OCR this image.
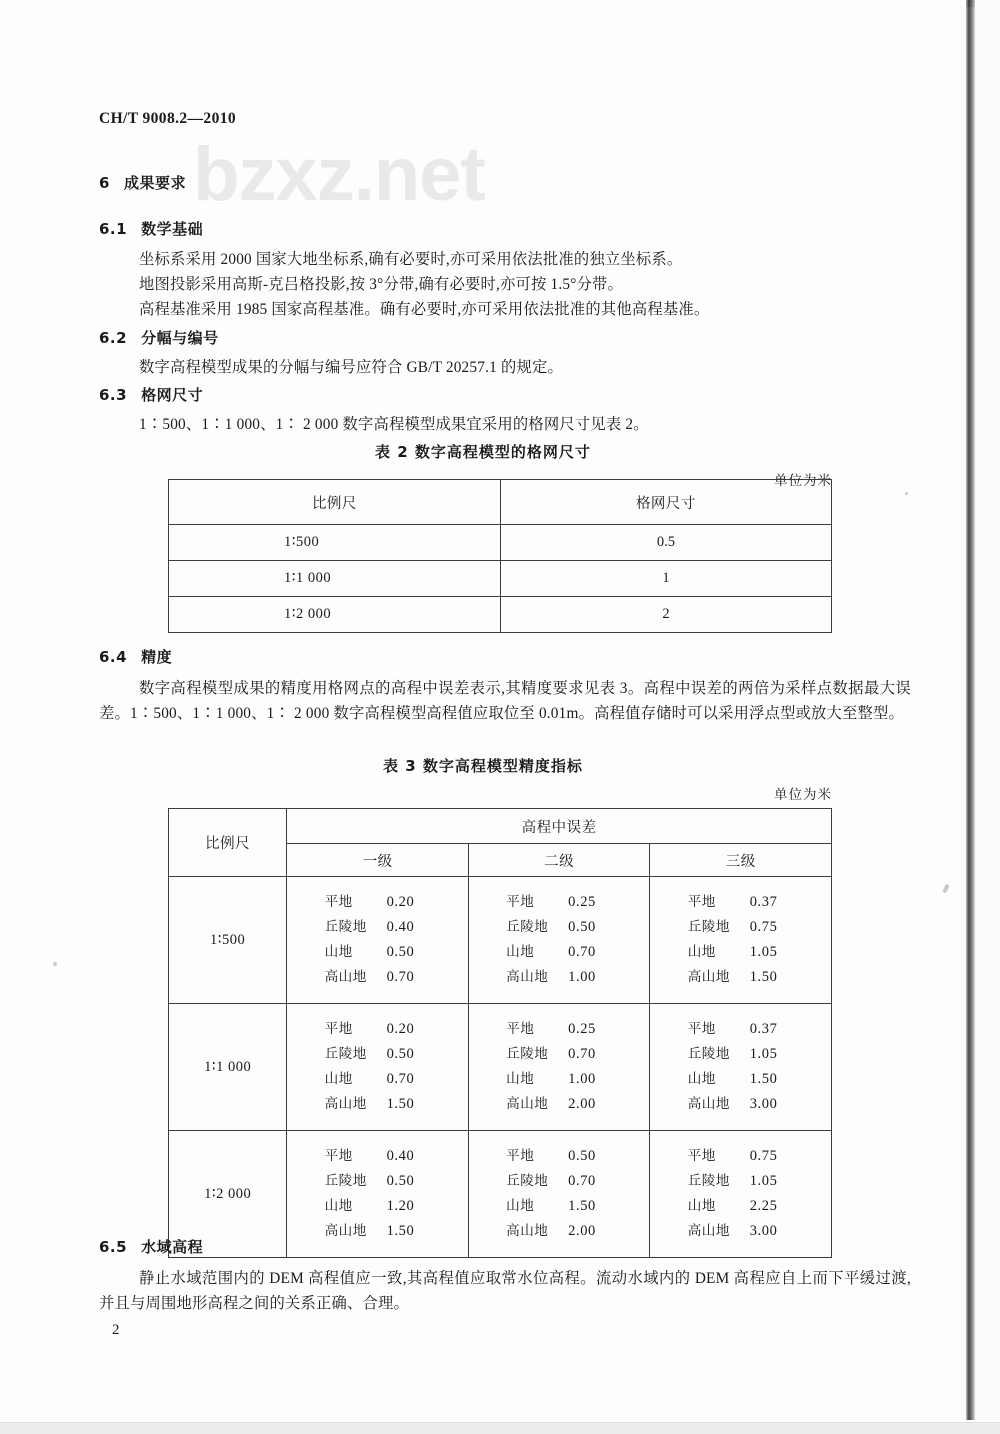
bzxz.net
CH/T 9008.2—2010
6 成果要求
6.1 数学基础
坐标系采用 2000 国家大地坐标系,确有必要时,亦可采用依法批准的独立坐标系。
地图投影采用高斯-克吕格投影,按 3°分带,确有必要时,亦可按 1.5°分带。
高程基准采用 1985 国家高程基准。确有必要时,亦可采用依法批准的其他高程基准。
6.2 分幅与编号
数字高程模型成果的分幅与编号应符合 GB/T 20257.1 的规定。
6.3 格网尺寸
1∶500、1∶1 000、1∶ 2 000 数字高程模型成果宜采用的格网尺寸见表 2。
表 2 数字高程模型的格网尺寸
单位为米
比例尺	格网尺寸
1∶500	0.5
1∶1 000	1
1∶2 000	2
6.4 精度
数字高程模型成果的精度用格网点的高程中误差表示,其精度要求见表 3。高程中误差的两倍为采样点数据最大误差。1∶500、1∶1 000、1∶ 2 000 数字高程模型高程值应取位至 0.01m。高程值存储时可以采用浮点型或放大至整型。
表 3 数字高程模型精度指标
单位为米
比例尺	高程中误差		
	一级	二级	三级
1∶500	平地 0.20
丘陵地 0.40
山地 0.50
高山地 0.70	平地 0.25
丘陵地 0.50
山地 0.70
高山地 1.00	平地 0.37
丘陵地 0.75
山地 1.05
高山地 1.50
1∶1 000	平地 0.20
丘陵地 0.50
山地 0.70
高山地 1.50	平地 0.25
丘陵地 0.70
山地 1.00
高山地 2.00	平地 0.37
丘陵地 1.05
山地 1.50
高山地 3.00
1∶2 000	平地 0.40
丘陵地 0.50
山地 1.20
高山地 1.50	平地 0.50
丘陵地 0.70
山地 1.50
高山地 2.00	平地 0.75
丘陵地 1.05
山地 2.25
高山地 3.00
6.5 水域高程
静止水域范围内的 DEM 高程值应一致,其高程值应取常水位高程。流动水域内的 DEM 高程应自上而下平缓过渡,并且与周围地形高程之间的关系正确、合理。
2
